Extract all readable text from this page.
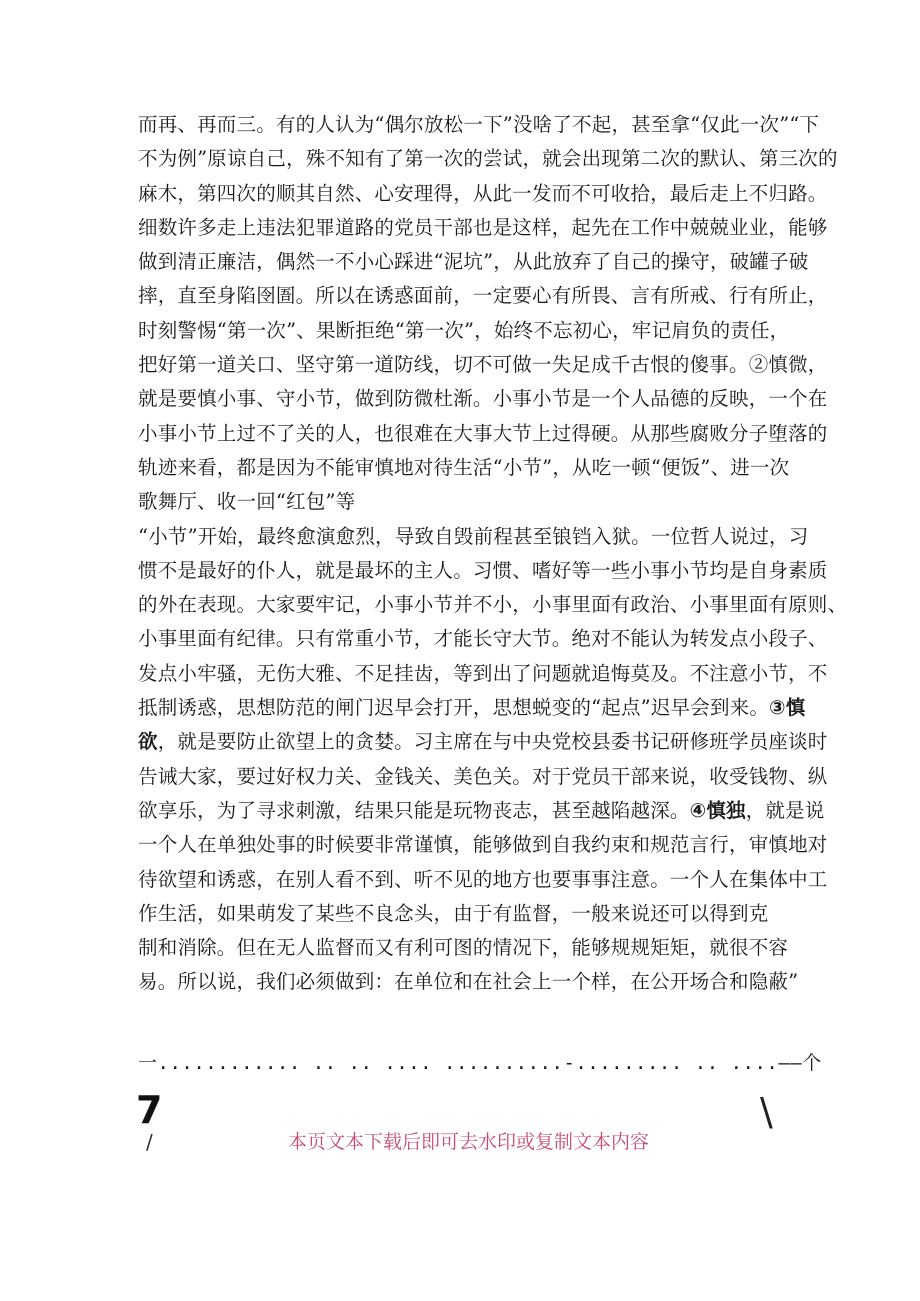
而再、再而三。有的人认为“偶尔放松一下”没啥了不起，甚至拿“仅此一次”“下
不为例”原谅自己，殊不知有了第一次的尝试，就会出现第二次的默认、第三次的
麻木，第四次的顺其自然、心安理得，从此一发而不可收拾，最后走上不归路。
细数许多走上违法犯罪道路的党员干部也是这样，起先在工作中兢兢业业，能够
做到清正廉洁，偶然一不小心踩进“泥坑”，从此放弃了自己的操守，破罐子破
摔，直至身陷囹圄。所以在诱惑面前，一定要心有所畏、言有所戒、行有所止，
时刻警惕“第一次”、果断拒绝“第一次”，始终不忘初心，牢记肩负的责任，
把好第一道关口、坚守第一道防线，切不可做一失足成千古恨的傻事。②慎微，
就是要慎小事、守小节，做到防微杜渐。小事小节是一个人品德的反映，一个在
小事小节上过不了关的人，也很难在大事大节上过得硬。从那些腐败分子堕落的
轨迹来看，都是因为不能审慎地对待生活“小节”，从吃一顿“便饭”、进一次
歌舞厅、收一回“红包”等
“小节”开始，最终愈演愈烈，导致自毁前程甚至锒铛入狱。一位哲人说过，习
惯不是最好的仆人，就是最坏的主人。习惯、嗜好等一些小事小节均是自身素质
的外在表现。大家要牢记，小事小节并不小，小事里面有政治、小事里面有原则、
小事里面有纪律。只有常重小节，才能长守大节。绝对不能认为转发点小段子、
发点小牢骚，无伤大雅、不足挂齿，等到出了问题就追悔莫及。不注意小节，不
抵制诱惑，思想防范的闸门迟早会打开，思想蜕变的“起点”迟早会到来。③慎
欲，就是要防止欲望上的贪婪。习主席在与中央党校县委书记研修班学员座谈时
告诫大家，要过好权力关、金钱关、美色关。对于党员干部来说，收受钱物、纵
欲享乐，为了寻求刺激，结果只能是玩物丧志，甚至越陷越深。④慎独，就是说
一个人在单独处事的时候要非常谨慎，能够做到自我约束和规范言行，审慎地对
待欲望和诱惑，在别人看不到、听不见的地方也要事事注意。一个人在集体中工
作生活，如果萌发了某些不良念头，由于有监督，一般来说还可以得到克
制和消除。但在无人监督而又有利可图的情况下，能够规规矩矩，就很不容
易。所以说，我们必须做到：在单位和在社会上一个样，在公开场合和隐蔽”
一............ .. .. .... ..........-......... .. ....——个
7	\
/	本页文本下载后即可去水印或复制文本内容
